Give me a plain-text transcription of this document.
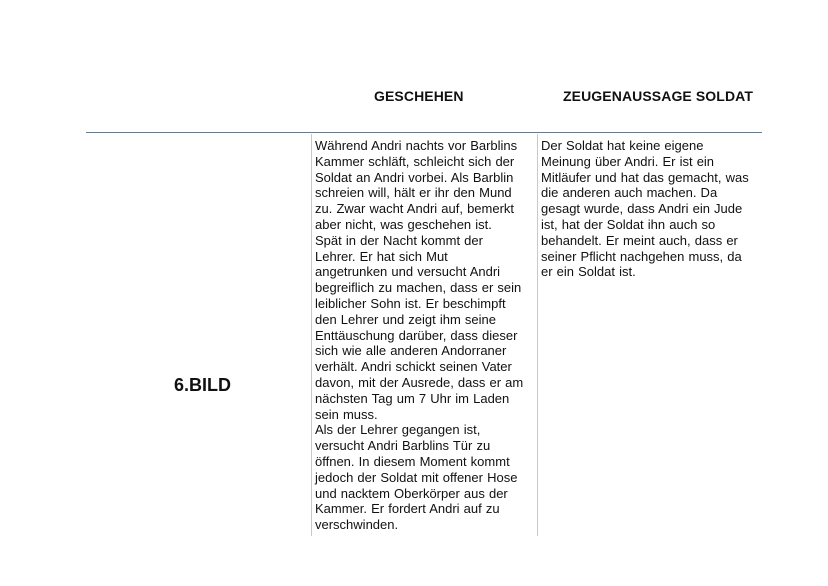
GESCHEHEN	ZEUGENAUSSAGE SOLDAT
6.BILD
Während Andri nachts vor Barblins
Kammer schläft, schleicht sich der
Soldat an Andri vorbei. Als Barblin
schreien will, hält er ihr den Mund
zu. Zwar wacht Andri auf, bemerkt
aber nicht, was geschehen ist.
Spät in der Nacht kommt der
Lehrer. Er hat sich Mut
angetrunken und versucht Andri
begreiflich zu machen, dass er sein
leiblicher Sohn ist. Er beschimpft
den Lehrer und zeigt ihm seine
Enttäuschung darüber, dass dieser
sich wie alle anderen Andorraner
verhält. Andri schickt seinen Vater
davon, mit der Ausrede, dass er am
nächsten Tag um 7 Uhr im Laden
sein muss.
Als der Lehrer gegangen ist,
versucht Andri Barblins Tür zu
öffnen. In diesem Moment kommt
jedoch der Soldat mit offener Hose
und nacktem Oberkörper aus der
Kammer. Er fordert Andri auf zu
verschwinden.
Der Soldat hat keine eigene
Meinung über Andri. Er ist ein
Mitläufer und hat das gemacht, was
die anderen auch machen. Da
gesagt wurde, dass Andri ein Jude
ist, hat der Soldat ihn auch so
behandelt. Er meint auch, dass er
seiner Pflicht nachgehen muss, da
er ein Soldat ist.
